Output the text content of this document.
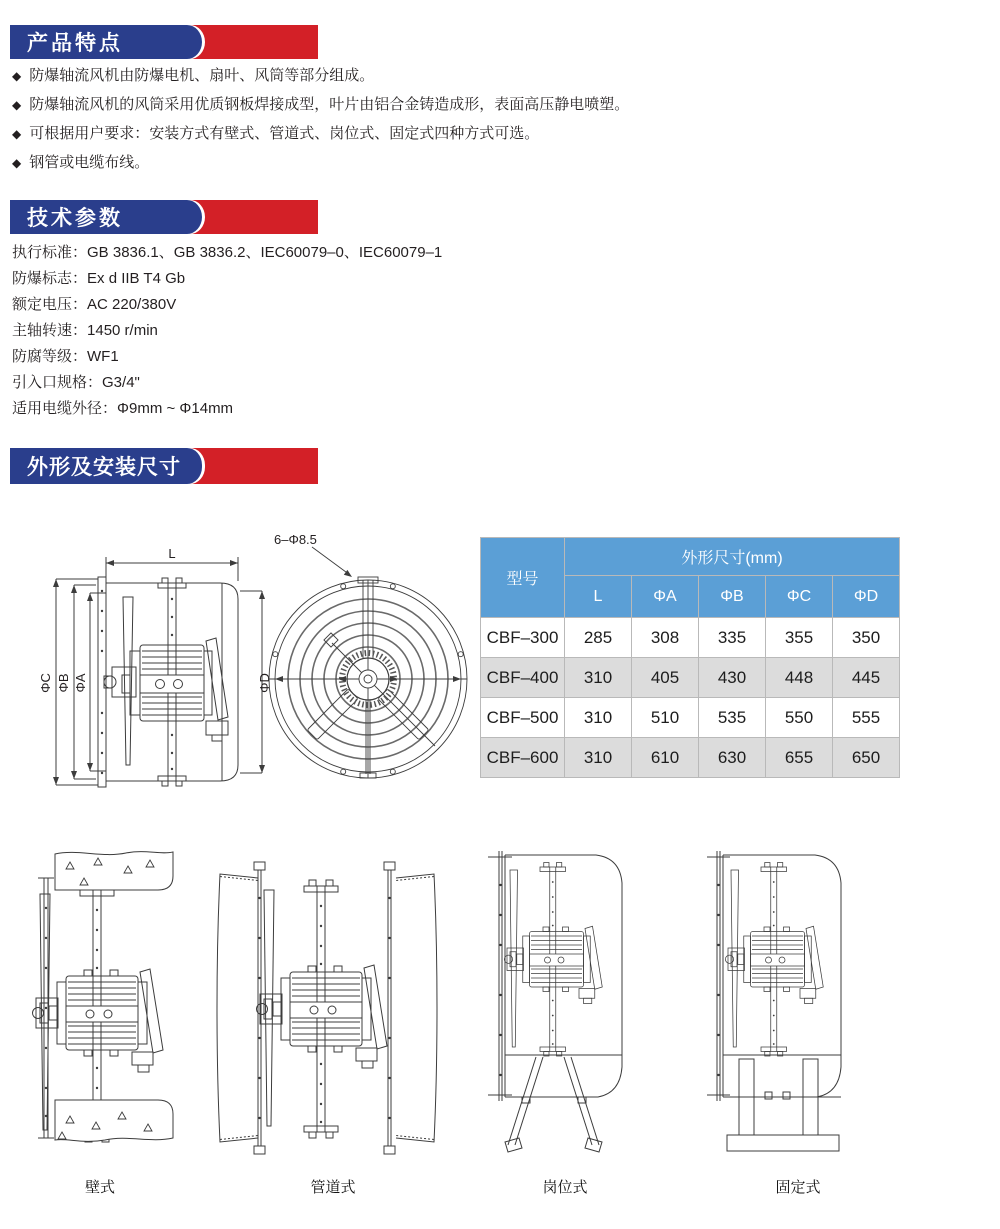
产品特点
◆ 防爆轴流风机由防爆电机、扇叶、风筒等部分组成。
◆ 防爆轴流风机的风筒采用优质钢板焊接成型，叶片由铝合金铸造成形，表面高压静电喷塑。
◆ 可根据用户要求：安装方式有壁式、管道式、岗位式、固定式四种方式可选。
◆ 钢管或电缆布线。
技术参数
执行标准：GB 3836.1、GB 3836.2、IEC60079–0、IEC60079–1
防爆标志：Ex d IIB T4 Gb
额定电压：AC 220/380V
主轴转速：1450 r/min
防腐等级：WF1
引入口规格：G3/4"
适用电缆外径：Φ9mm ~ Φ14mm
外形及安装尺寸
L
ΦC ΦB ΦA	ΦD
6–Φ8.5
型号	外形尺寸(mm)				
	L	ΦA	ΦB	ΦC	ΦD
CBF–300	285	308	335	355	350
CBF–400	310	405	430	448	445
CBF–500	310	510	535	550	555
CBF–600	310	610	630	655	650
壁式	管道式	岗位式	固定式
